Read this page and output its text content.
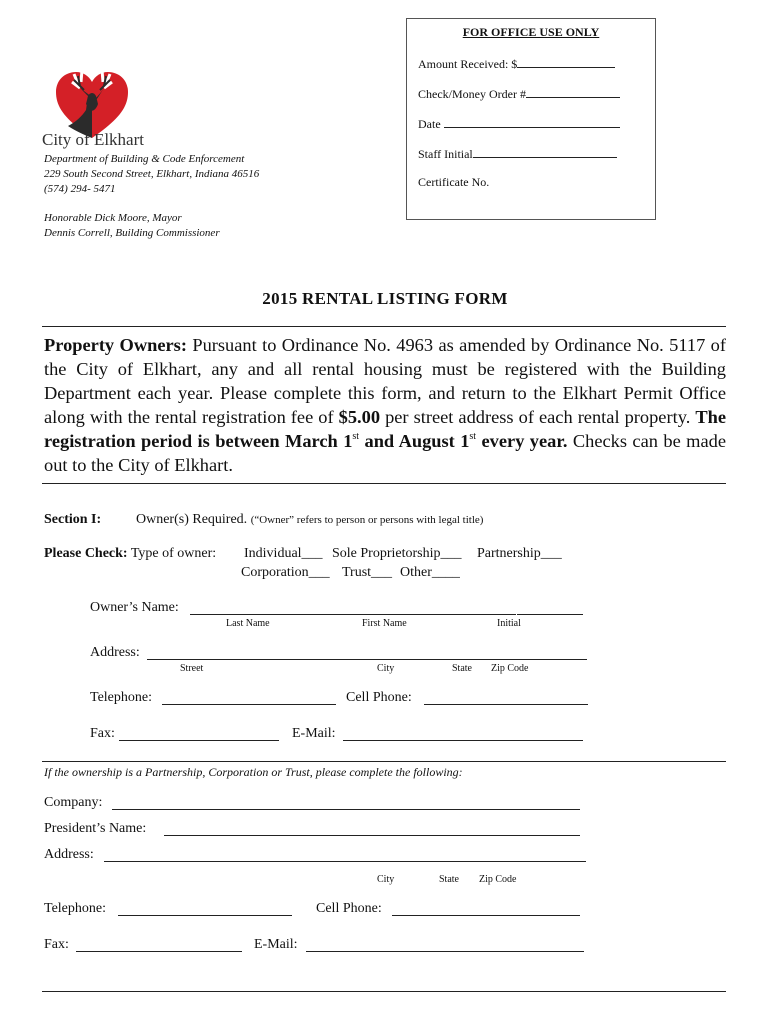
FOR OFFICE USE ONLY
Amount Received: $
Check/Money Order #
Date
Staff Initial
Certificate No.
City of Elkhart
Department of Building & Code Enforcement
229 South Second Street, Elkhart, Indiana 46516
(574) 294- 5471
Honorable Dick Moore, Mayor
Dennis Correll, Building Commissioner
2015 RENTAL LISTING FORM
Property Owners: Pursuant to Ordinance No. 4963 as amended by Ordinance No. 5117 of the City of Elkhart, any and all rental housing must be registered with the Building Department each year. Please complete this form, and return to the Elkhart Permit Office along with the rental registration fee of $5.00 per street address of each rental property. The registration period is between March 1st and August 1st every year. Checks can be made out to the City of Elkhart.
Section I: Owner(s) Required. (“Owner” refers to person or persons with legal title)
Please Check: Type of owner: Individual___ Sole Proprietorship___ Partnership___
Corporation___ Trust___ Other____
Owner’s Name:
Last Name	First Name	Initial
Address:
Street	City	State Zip Code
Telephone:	Cell Phone:
Fax:	E-Mail:
If the ownership is a Partnership, Corporation or Trust, please complete the following:
Company:
President’s Name:
Address:
City	State Zip Code
Telephone:	Cell Phone:
Fax:	E-Mail:
